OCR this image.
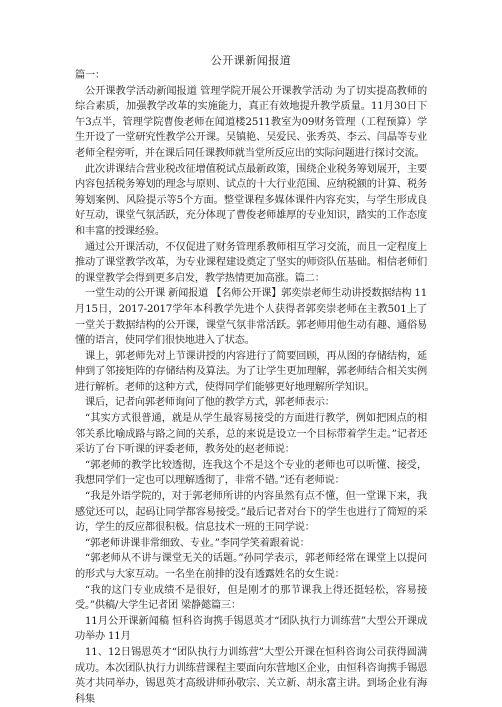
公开课新闻报道

篇一：

公开课教学活动新闻报道 管理学院开展公开课教学活动 为了切实提高教师的综合素质，加强教学改革的实施能力，真正有效地提升教学质量。11月30日下午3点半，管理学院曹俊老师在闻道楼2511教室为09财务管理（工程预算）学生开设了一堂研究性教学公开课。吴镇艳、吴爱民、张秀英、李云、闫晶等专业老师全程旁听，并在课后同任课教师就当堂所反应出的实际问题进行探讨交流。

此次讲课结合营业税改征增值税试点最新政策，围绕企业税务筹划展开，主要内容包括税务筹划的理念与原则、试点的十大行业范围、应纳税额的计算、税务筹划案例、风险提示等5个方面。整堂课程多媒体课件内容充实，与学生形成良好互动，课堂气氛活跃，充分体现了曹俊老师雄厚的专业知识，踏实的工作态度和丰富的授课经验。

通过公开课活动，不仅促进了财务管理系教师相互学习交流，而且一定程度上推动了课堂教学改革，为专业课程建设奠定了坚实的师资队伍基础。相信老师们的课堂教学会得到更多启发，教学热情更加高涨。篇二：

一堂生动的公开课 新闻报道 【名师公开课】郭奕崇老师生动讲授数据结构 11月15日，2017-2017学年本科教学先进个人获得者郭奕崇老师在主教501上了一堂关于数据结构的公开课，课堂气氛非常活跃。郭老师用他生动有趣、通俗易懂的语言，使同学们很快地进入了状态。

课上，郭老师先对上节课讲授的内容进行了简要回顾，再从图的存储结构，延伸到了邻接矩阵的存储结构及算法。为了让学生更加理解，郭老师结合相关实例进行解析。老师的这种方式，使得同学们能够更好地理解所学知识。

课后，记者向郭老师询问了他的教学方式，郭老师表示：

“其实方式很普通，就是从学生最容易接受的方面进行教学，例如把困点的相邻关系比喻成路与路之间的关系，总的来说是设立一个目标带着学生走。”记者还采访了台下听课的评委老师，教务处的赵老师说：

“郭老师的教学比较透彻，连我这个不是这个专业的老师也可以听懂、接受，我想同学们一定也可以理解透彻了，非常不错。”还有老师说：

“我是外语学院的，对于郭老师所讲的内容虽然有点不懂，但一堂课下来，我感觉还可以，起码让同学都容易接受。”最后记者对台下的学生也进行了简短的采访，学生的反应都很积极。信息技术一班的王同学说：

“郭老师讲课非常细致、专业。”李同学笑着跟着说：

“郭老师从不讲与课堂无关的话题。”孙同学表示，郭老师经常在课堂上以提问的形式与大家互动。一名坐在前排的没有透露姓名的女生说：

“我的这门专业成绩不是很好，但是刚才的那节课我上得还挺轻松，容易接受。”供稿/大学生记者团 梁静懿篇三：

11月公开课新闻稿 恒科咨询携手锡恩英才“团队执行力训练营”大型公开课成功举办 11月

11、12日锡恩英才“团队执行力训练营”大型公开课在恒科咨询公司获得圆满成功。本次团队执行力训练营课程主要面向东营地区企业，由恒科咨询携手锡恩英才共同举办，锡恩英才高级讲师孙敬宗、关立新、胡永富主讲。到场企业有海科集
